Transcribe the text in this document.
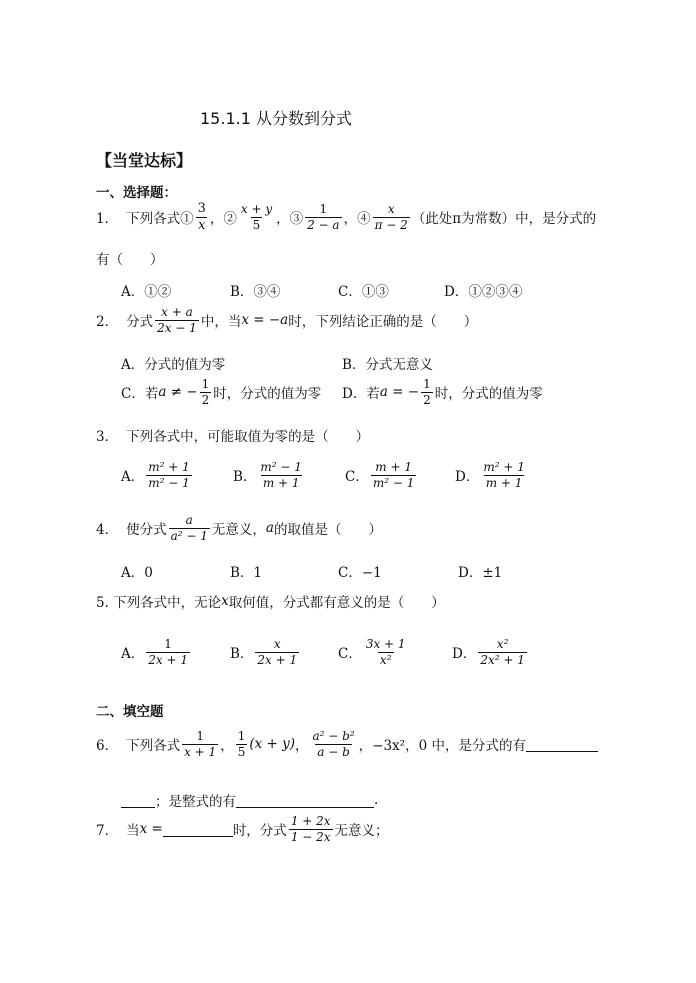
15.1.1 从分数到分式
【当堂达标】
一、选择题：
1． 下列各式① $\frac{3}{x}$ ，② $\frac{x + y}{5}$ ，③ $\frac{1}{2 - a}$ ，④ $\frac{x}{\pi - 2}$ （此处π为常数）中，是分式的
有（　　）
A．①②	B．③④	C．①③	D．①②③④
2． 分式 $\frac{x + a}{2x - 1}$ 中，当 x = −a 时，下列结论正确的是（　　）
A．分式的值为零	B．分式无意义
C．若 a ≠ − $\frac{1}{2}$ 时，分式的值为零 D．若 a = − $\frac{1}{2}$ 时，分式的值为零
3． 下列各式中，可能取值为零的是（　　）
A． $\frac{\text{m² + 1}}{\text{m² − 1}}$	B． $\frac{\text{m² − 1}}{m + 1}$	C． $\frac{m + 1}{\text{m² − 1}}$	D． $\frac{\text{m² + 1}}{m + 1}$
4． 使分式 $\frac{a}{\text{a² − 1}}$ 无意义， a 的取值是（　　）
A．0	B．1	C．−1	D．±1
5. 下列各式中，无论 x 取何值，分式都有意义的是（　　）
A． $\frac{1}{2x + 1}$	B． $\frac{x}{2x + 1}$	C． $\frac{3x + 1}{\text{x²}}$	D． $\frac{\text{x²}}{\text{2x² + 1}}$
二、填空题
6． 下列各式 $\frac{1}{x + 1}$ ， $\frac{1}{5} (x + y)$ ， $\frac{\text{a² − b²}}{a - b}$ ，−3x²，0 中，是分式的有
；是整式的有	.
7． 当 x =	时，分式 $\frac{1 + 2x}{1 - 2x}$ 无意义；
